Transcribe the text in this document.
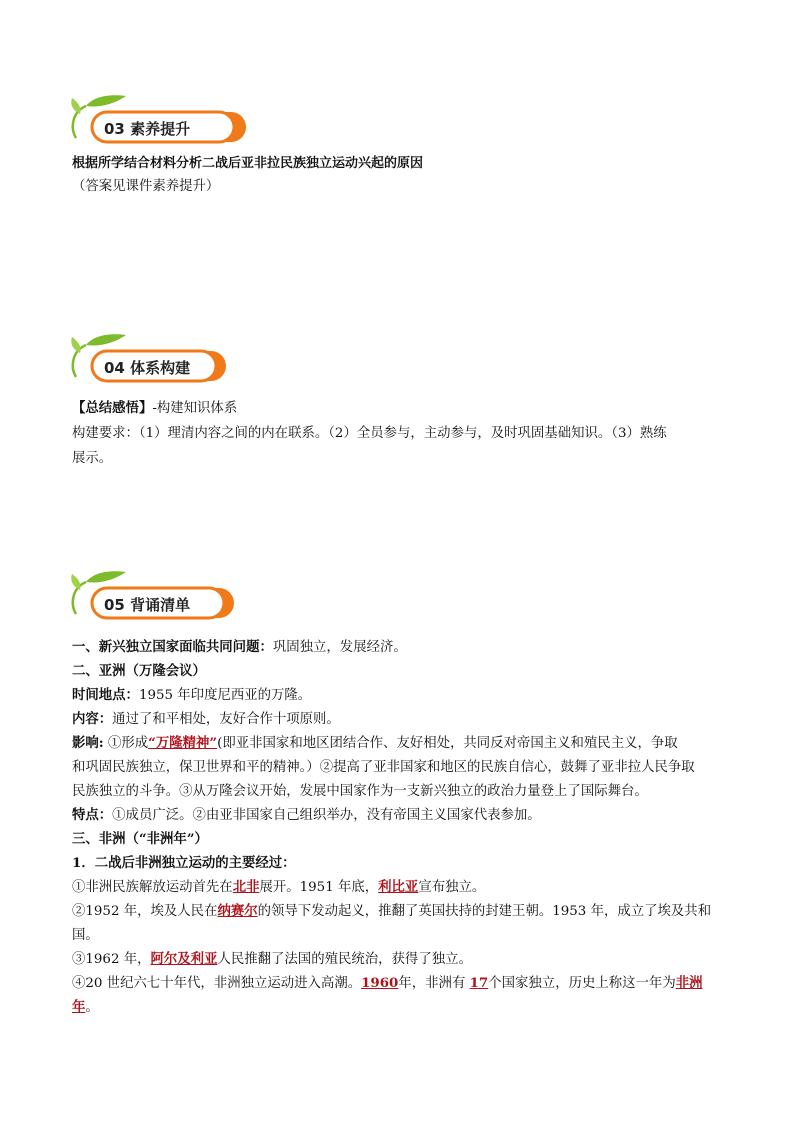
03 素养提升
根据所学结合材料分析二战后亚非拉民族独立运动兴起的原因
（答案见课件素养提升）
04 体系构建
【总结感悟】-构建知识体系
构建要求：（1）理清内容之间的内在联系。（2）全员参与，主动参与，及时巩固基础知识。（3）熟练
展示。
05 背诵清单
一、新兴独立国家面临共同问题：巩固独立，发展经济。
二、亚洲（万隆会议）
时间地点：1955 年印度尼西亚的万隆。
内容：通过了和平相处，友好合作十项原则。
影响: ①形成“万隆精神”(即亚非国家和地区团结合作、友好相处，共同反对帝国主义和殖民主义，争取
和巩固民族独立，保卫世界和平的精神。）②提高了亚非国家和地区的民族自信心，鼓舞了亚非拉人民争取
民族独立的斗争。③从万隆会议开始，发展中国家作为一支新兴独立的政治力量登上了国际舞台。
特点：①成员广泛。②由亚非国家自己组织举办，没有帝国主义国家代表参加。
三、非洲（“非洲年”）
1．二战后非洲独立运动的主要经过：
①非洲民族解放运动首先在北非展开。1951 年底，利比亚宣布独立。
②1952 年，埃及人民在纳赛尔的领导下发动起义，推翻了英国扶持的封建王朝。1953 年，成立了埃及共和
国。
③1962 年，阿尔及利亚人民推翻了法国的殖民统治，获得了独立。
④20 世纪六七十年代，非洲独立运动进入高潮。1960年，非洲有 17个国家独立，历史上称这一年为非洲
年。
